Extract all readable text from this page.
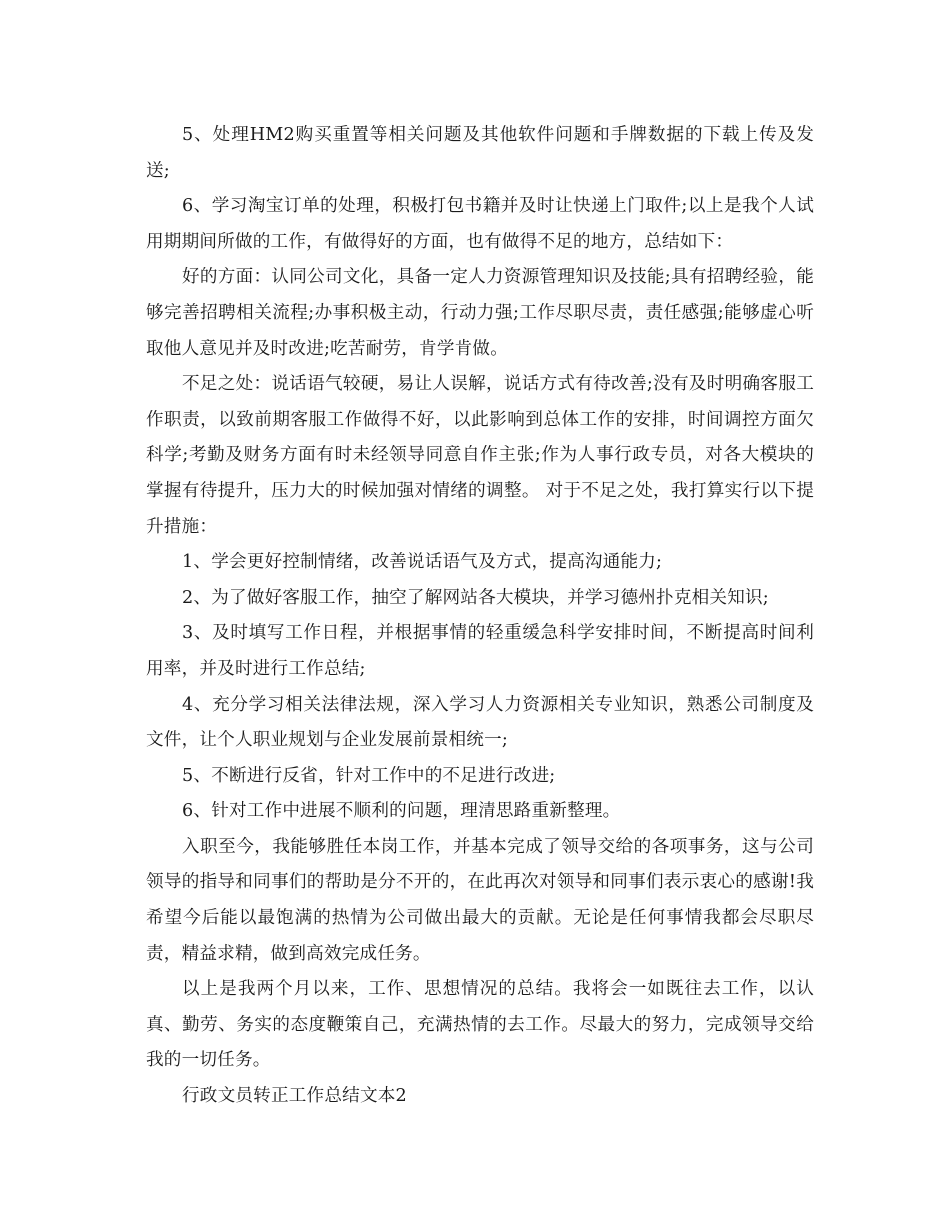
5、处理HM2购买重置等相关问题及其他软件问题和手牌数据的下载上传及发送;

6、学习淘宝订单的处理，积极打包书籍并及时让快递上门取件;以上是我个人试用期期间所做的工作，有做得好的方面，也有做得不足的地方，总结如下：

好的方面：认同公司文化，具备一定人力资源管理知识及技能;具有招聘经验，能够完善招聘相关流程;办事积极主动，行动力强;工作尽职尽责，责任感强;能够虚心听取他人意见并及时改进;吃苦耐劳，肯学肯做。

不足之处：说话语气较硬，易让人误解，说话方式有待改善;没有及时明确客服工作职责，以致前期客服工作做得不好，以此影响到总体工作的安排，时间调控方面欠科学;考勤及财务方面有时未经领导同意自作主张;作为人事行政专员，对各大模块的掌握有待提升，压力大的时候加强对情绪的调整。 对于不足之处，我打算实行以下提升措施：

1、学会更好控制情绪，改善说话语气及方式，提高沟通能力;

2、为了做好客服工作，抽空了解网站各大模块，并学习德州扑克相关知识;

3、及时填写工作日程，并根据事情的轻重缓急科学安排时间，不断提高时间利用率，并及时进行工作总结;

4、充分学习相关法律法规，深入学习人力资源相关专业知识，熟悉公司制度及文件，让个人职业规划与企业发展前景相统一;

5、不断进行反省，针对工作中的不足进行改进;

6、针对工作中进展不顺利的问题，理清思路重新整理。

入职至今，我能够胜任本岗工作，并基本完成了领导交给的各项事务，这与公司领导的指导和同事们的帮助是分不开的，在此再次对领导和同事们表示衷心的感谢!我希望今后能以最饱满的热情为公司做出最大的贡献。无论是任何事情我都会尽职尽责，精益求精，做到高效完成任务。

以上是我两个月以来，工作、思想情况的总结。我将会一如既往去工作，以认真、勤劳、务实的态度鞭策自己，充满热情的去工作。尽最大的努力，完成领导交给我的一切任务。

行政文员转正工作总结文本2
